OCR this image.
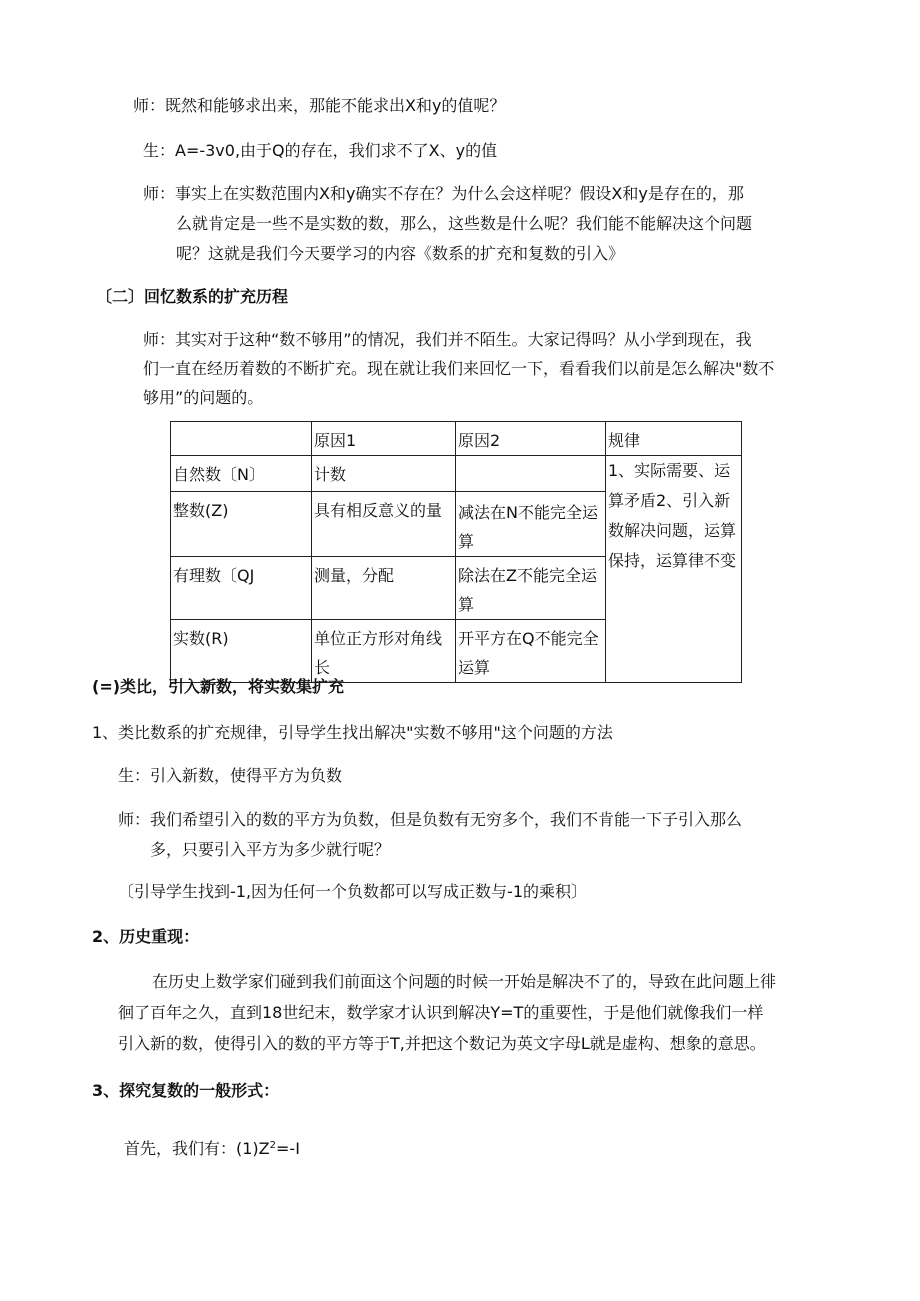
师：既然和能够求出来，那能不能求出X和y的值呢？
生：A=-3v0,由于Q的存在，我们求不了X、y的值
师：事实上在实数范围内X和y确实不存在？为什么会这样呢？假设X和y是存在的，那
么就肯定是一些不是实数的数，那么，这些数是什么呢？我们能不能解决这个问题
呢？这就是我们今天要学习的内容《数系的扩充和复数的引入》
〔二〕回忆数系的扩充历程
师：其实对于这种“数不够用”的情况，我们并不陌生。大家记得吗？从小学到现在，我
们一直在经历着数的不断扩充。现在就让我们来回忆一下，看看我们以前是怎么解决"数不
够用”的问题的。
	原因1	原因2	规律
自然数〔N〕	计数		1、实际需要、运算矛盾2、引入新数解决问题，运算保持，运算律不变
整数(Z)	具有相反意义的量	减法在N不能完全运算	
有理数〔QJ	测量，分配	除法在Z不能完全运算	
实数(R)	单位正方形对角线长	开平方在Q不能完全运算	
(=)类比，引入新数，将实数集扩充
1、类比数系的扩充规律，引导学生找出解决"实数不够用"这个问题的方法
生：引入新数，使得平方为负数
师：我们希望引入的数的平方为负数，但是负数有无穷多个，我们不肯能一下子引入那么
多，只要引入平方为多少就行呢？
〔引导学生找到-1,因为任何一个负数都可以写成正数与-1的乘积〕
2、历史重现：
在历史上数学家们碰到我们前面这个问题的时候一开始是解决不了的，导致在此问题上徘
徊了百年之久，直到18世纪末，数学家才认识到解决Y=T的重要性，于是他们就像我们一样
引入新的数，使得引入的数的平方等于T,并把这个数记为英文字母L就是虚构、想象的意思。
3、探究复数的一般形式：
首先，我们有：$(1)Z^2=-I$
